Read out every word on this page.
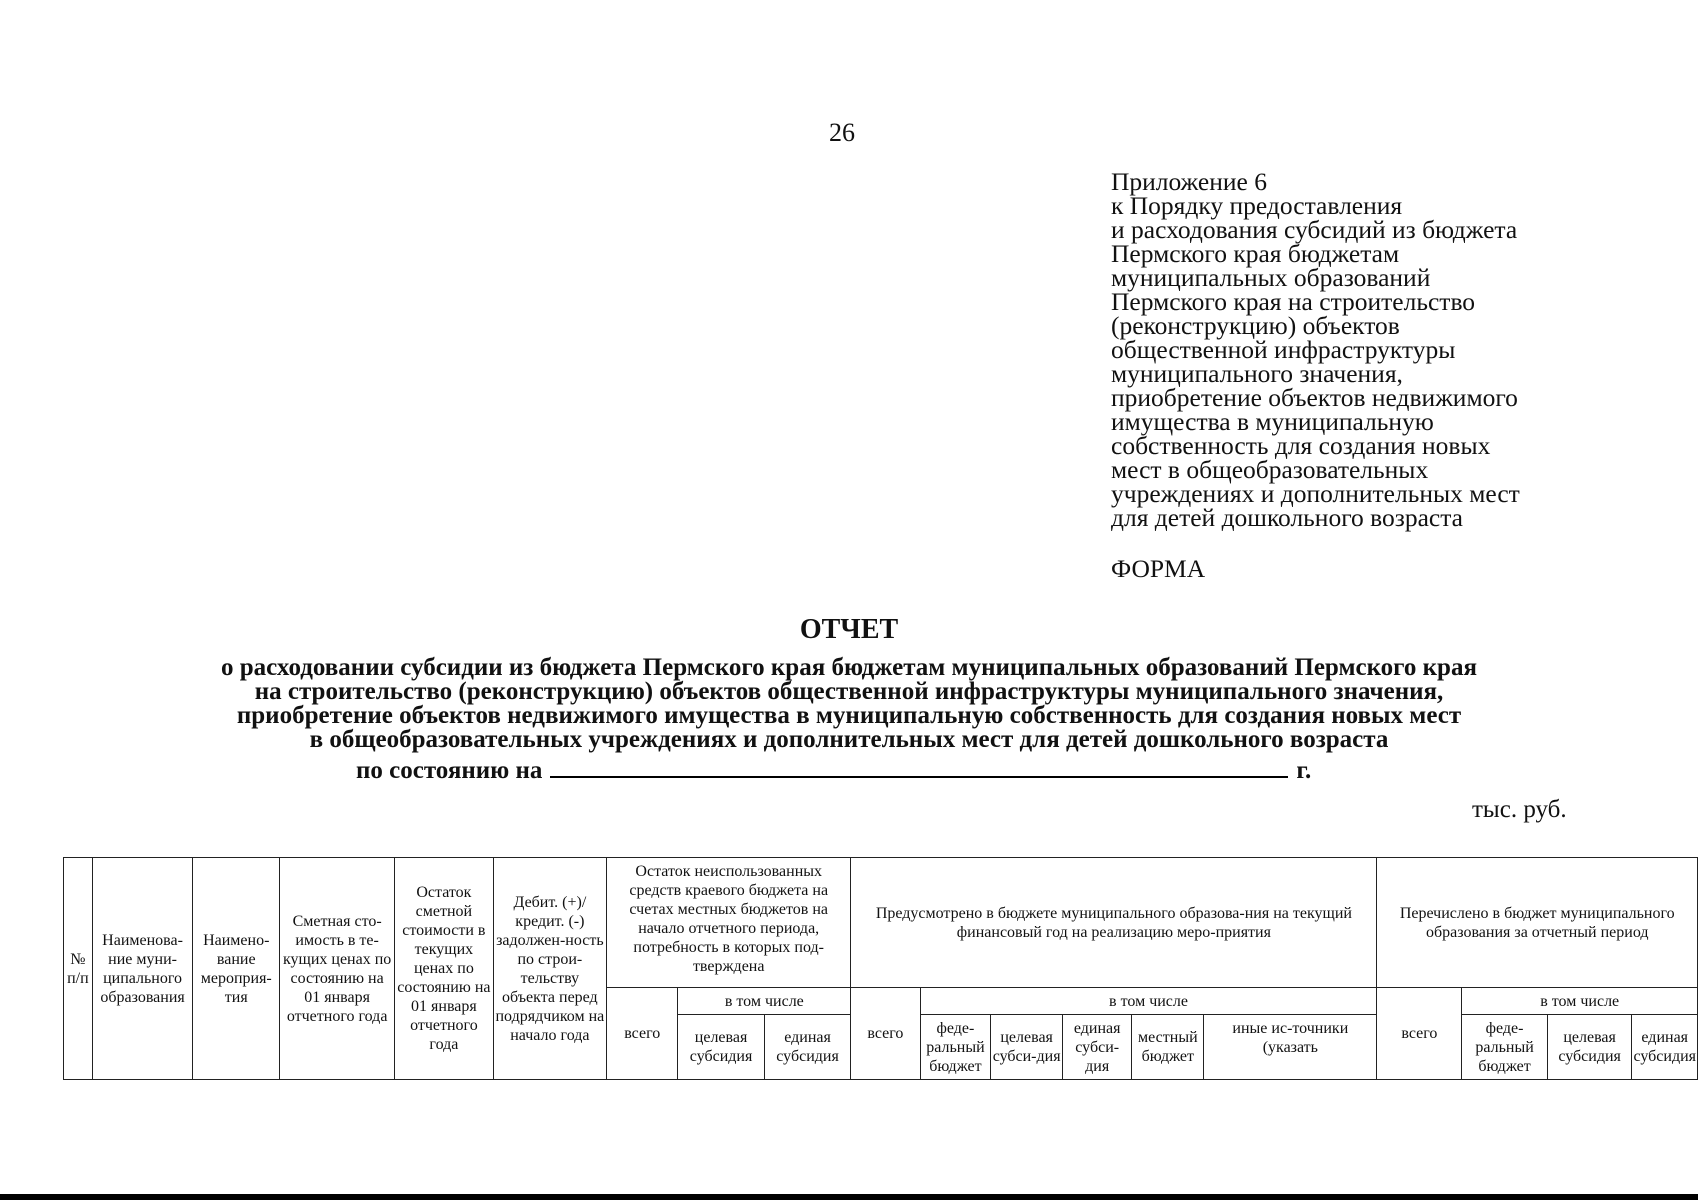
26
Приложение 6
к Порядку предоставления
и расходования субсидий из бюджета
Пермского края бюджетам
муниципальных образований
Пермского края на строительство
(реконструкцию) объектов
общественной инфраструктуры
муниципального значения,
приобретение объектов недвижимого
имущества в муниципальную
собственность для создания новых
мест в общеобразовательных
учреждениях и дополнительных мест
для детей дошкольного возраста
ФОРМА
ОТЧЕТ
о расходовании субсидии из бюджета Пермского края бюджетам муниципальных образований Пермского края
на строительство (реконструкцию) объектов общественной инфраструктуры муниципального значения,
приобретение объектов недвижимого имущества в муниципальную собственность для создания новых мест
в общеобразовательных учреждениях и дополнительных мест для детей дошкольного возраста
по состоянию на	г.
тыс. руб.
№ п/п	Наименова-ние муни-ципального образования	Наимено-вание мероприя-тия	Сметная сто-имость в те-кущих ценах по состоянию на 01 января отчетного года	Остаток сметной стоимости в текущих ценах по состоянию на 01 января отчетного года	Дебит. (+)/ кредит. (-) задолжен-ность по строи-тельству объекта перед подрядчиком на начало года	Остаток неиспользованных средств краевого бюджета на счетах местных бюджетов на начало отчетного периода, потребность в которых под-тверждена			Предусмотрено в бюджете муниципального образова-ния на текущий финансовый год на реализацию меро-приятия						Перечислено в бюджет муниципального образования за отчетный период			
						всего	в том числе		всего	в том числе					всего	в том числе		
							целевая субсидия	единая субсидия		феде-ральный бюджет	целевая субси-дия	единая субси-дия	местный бюджет	иные ис-точники (указать		феде-ральный бюджет	целевая субсидия	единая субсидия
